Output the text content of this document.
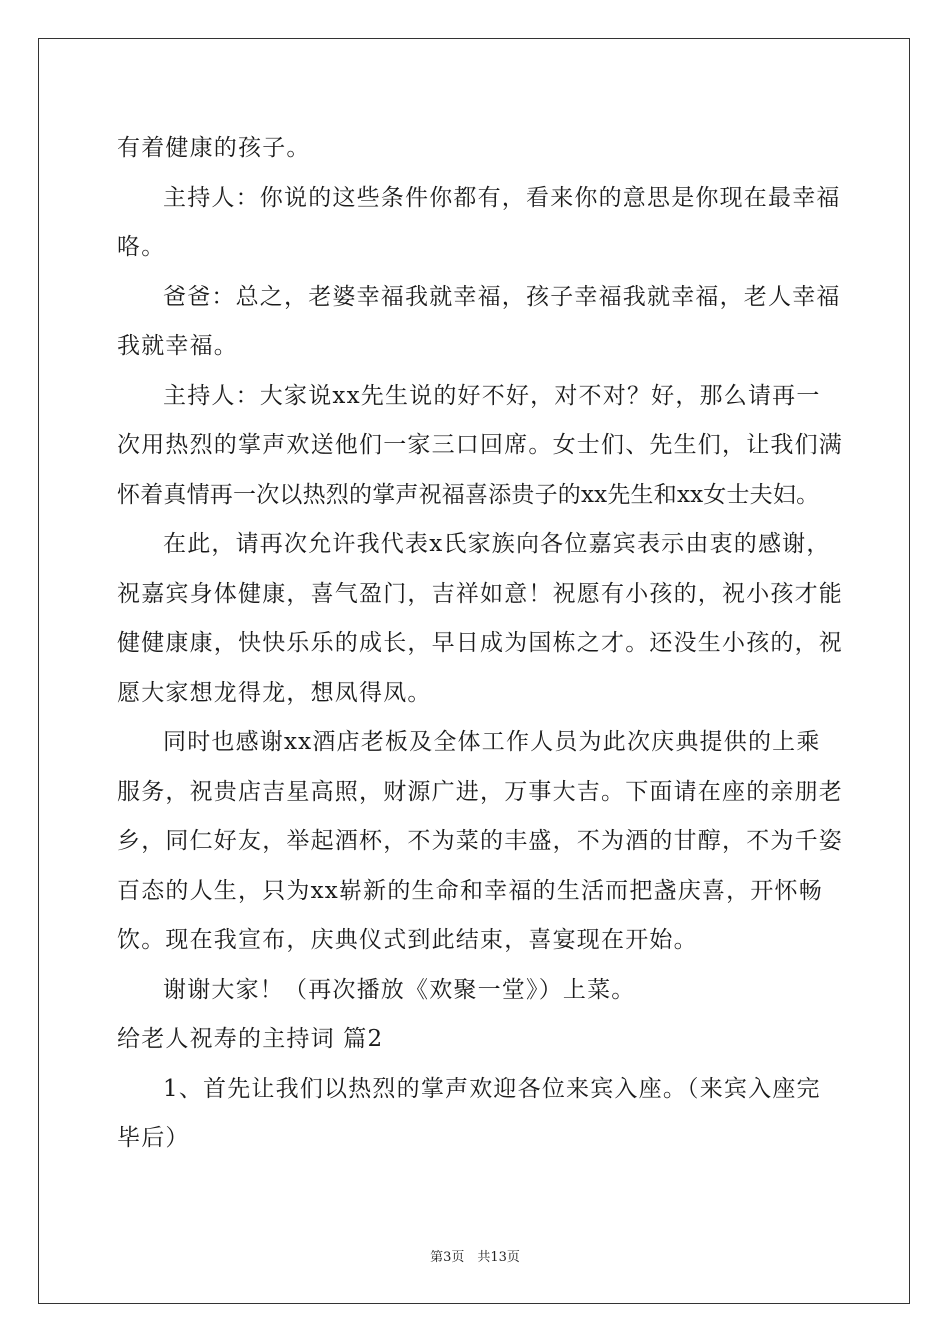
有着健康的孩子。

主持人：你说的这些条件你都有，看来你的意思是你现在最幸福

咯。

爸爸：总之，老婆幸福我就幸福，孩子幸福我就幸福，老人幸福

我就幸福。

主持人：大家说xx先生说的好不好，对不对？好，那么请再一

次用热烈的掌声欢送他们一家三口回席。女士们、先生们，让我们满

怀着真情再一次以热烈的掌声祝福喜添贵子的xx先生和xx女士夫妇。

在此，请再次允许我代表x氏家族向各位嘉宾表示由衷的感谢，

祝嘉宾身体健康，喜气盈门，吉祥如意！祝愿有小孩的，祝小孩才能

健健康康，快快乐乐的成长，早日成为国栋之才。还没生小孩的，祝

愿大家想龙得龙，想凤得凤。

同时也感谢xx酒店老板及全体工作人员为此次庆典提供的上乘

服务，祝贵店吉星高照，财源广进，万事大吉。下面请在座的亲朋老

乡，同仁好友，举起酒杯，不为菜的丰盛，不为酒的甘醇，不为千姿

百态的人生，只为xx崭新的生命和幸福的生活而把盏庆喜，开怀畅

饮。现在我宣布，庆典仪式到此结束，喜宴现在开始。

谢谢大家！（再次播放《欢聚一堂》）上菜。

给老人祝寿的主持词 篇2

1、首先让我们以热烈的掌声欢迎各位来宾入座。（来宾入座完

毕后）

第3页　共13页
